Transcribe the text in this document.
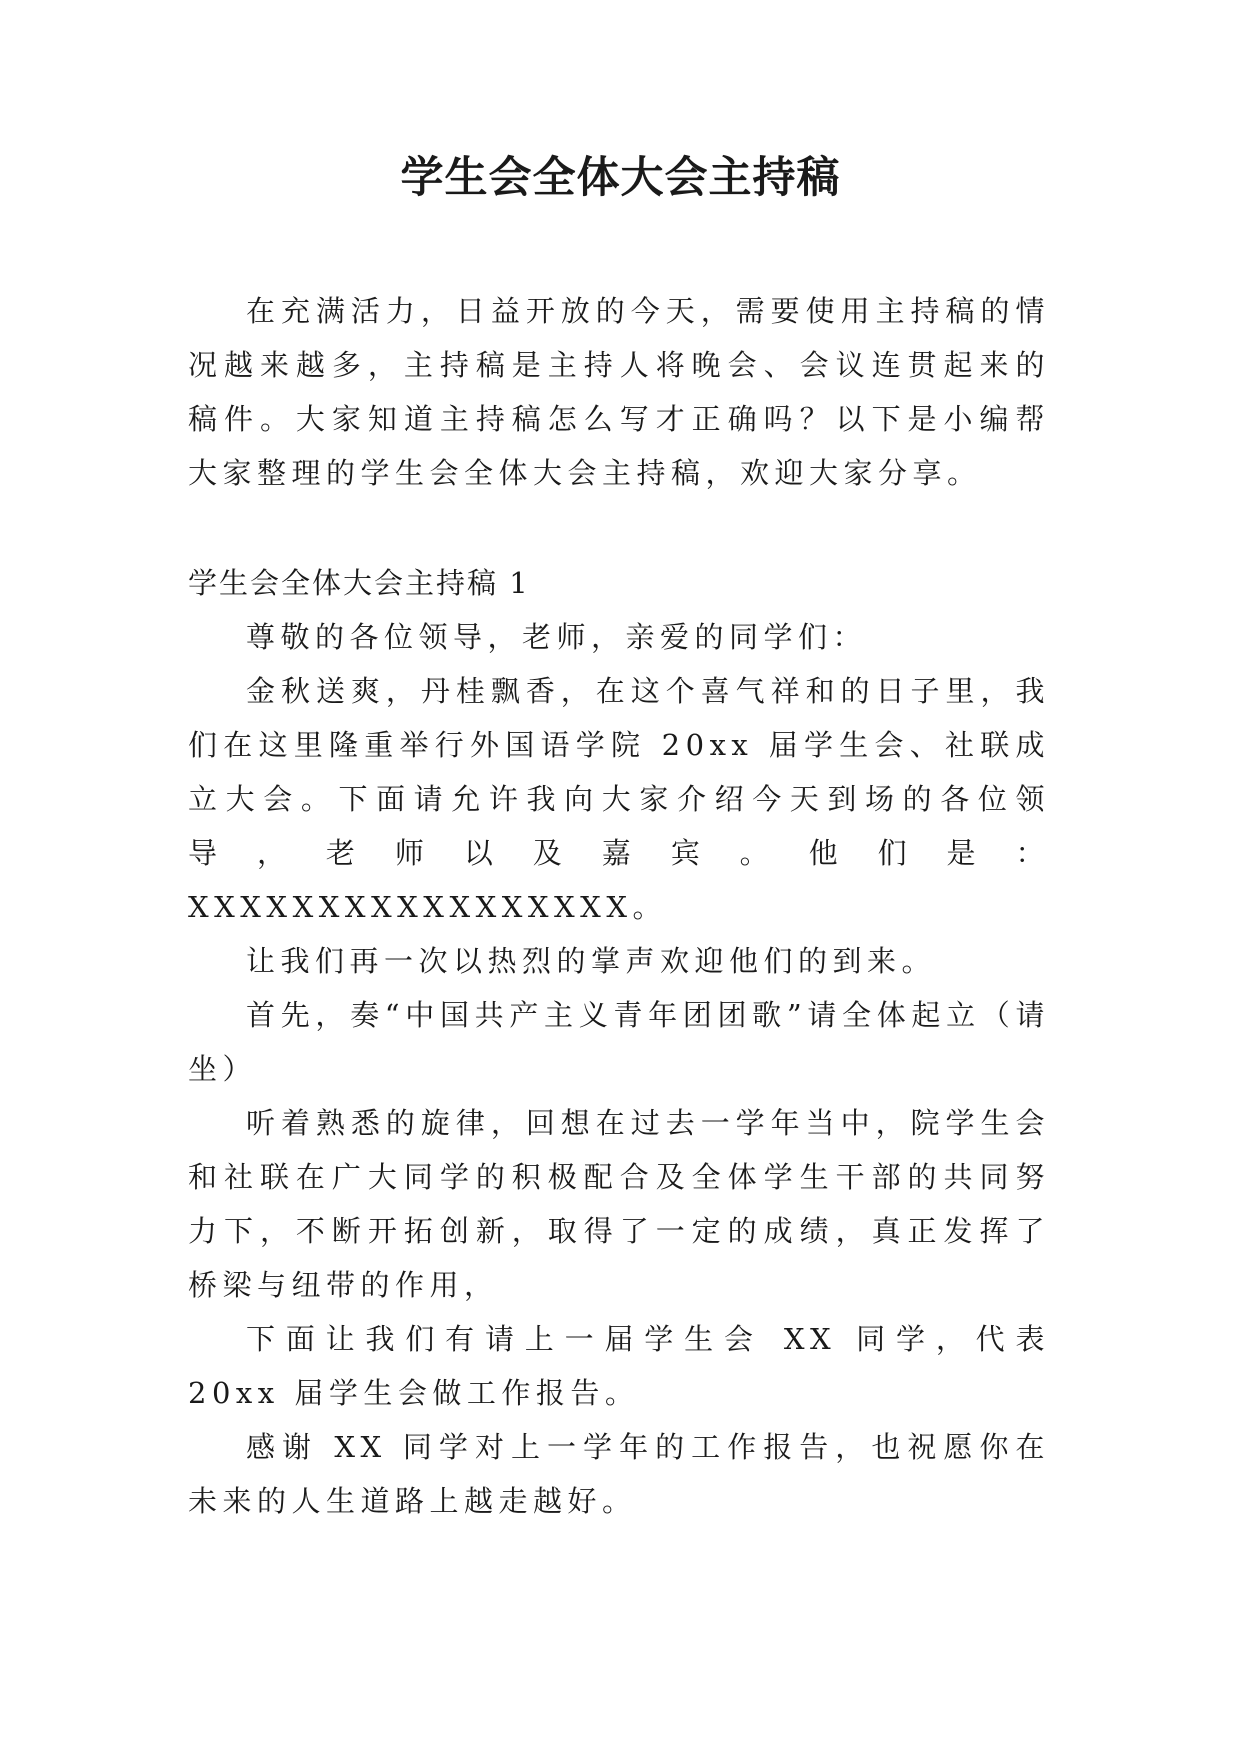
学生会全体大会主持稿

在充满活力，日益开放的今天，需要使用主持稿的情况越来越多，主持稿是主持人将晚会、会议连贯起来的稿件。大家知道主持稿怎么写才正确吗？以下是小编帮大家整理的学生会全体大会主持稿，欢迎大家分享。

学生会全体大会主持稿 1

尊敬的各位领导，老师，亲爱的同学们：

金秋送爽，丹桂飘香，在这个喜气祥和的日子里，我们在这里隆重举行外国语学院 20xx 届学生会、社联成立大会。下面请允许我向大家介绍今天到场的各位领导，老师以及嘉宾。他们是：XXXXXXXXXXXXXXXXX。

让我们再一次以热烈的掌声欢迎他们的到来。

首先，奏“中国共产主义青年团团歌”请全体起立（请坐）

听着熟悉的旋律，回想在过去一学年当中，院学生会和社联在广大同学的积极配合及全体学生干部的共同努力下，不断开拓创新，取得了一定的成绩，真正发挥了桥梁与纽带的作用，

下面让我们有请上一届学生会 XX 同学，代表 20xx 届学生会做工作报告。

感谢 XX 同学对上一学年的工作报告，也祝愿你在未来的人生道路上越走越好。
